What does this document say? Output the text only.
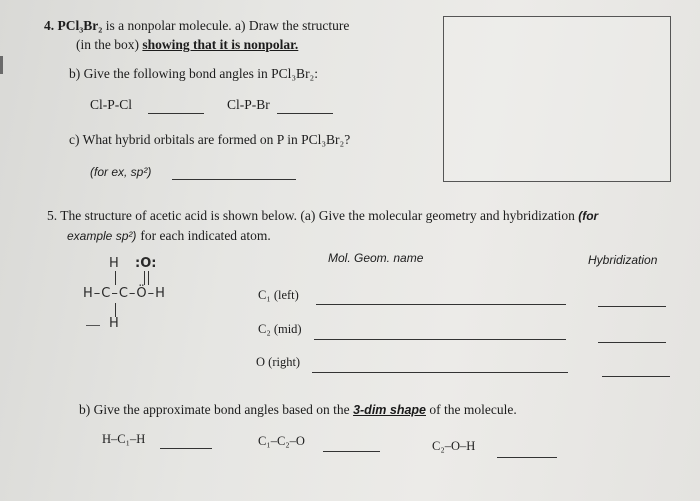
4. PCl₃Br₂ is a nonpolar molecule. a) Draw the structure
(in the box) showing that it is nonpolar.
b) Give the following bond angles in PCl₃Br₂:
Cl-P-Cl	Cl-P-Br
c) What hybrid orbitals are formed on P in PCl₃Br₂?
(for ex, sp²)
5. The structure of acetic acid is shown below. (a) Give the molecular geometry and hybridization (for
example sp²) for each indicated atom.
H :O:
H–C–C–Ö–H
H
Mol. Geom. name	Hybridization
C₁ (left)
C₂ (mid)
O (right)
b) Give the approximate bond angles based on the 3-dim shape of the molecule.
H–C₁–H	C₁–C₂–O	C₂–O–H
